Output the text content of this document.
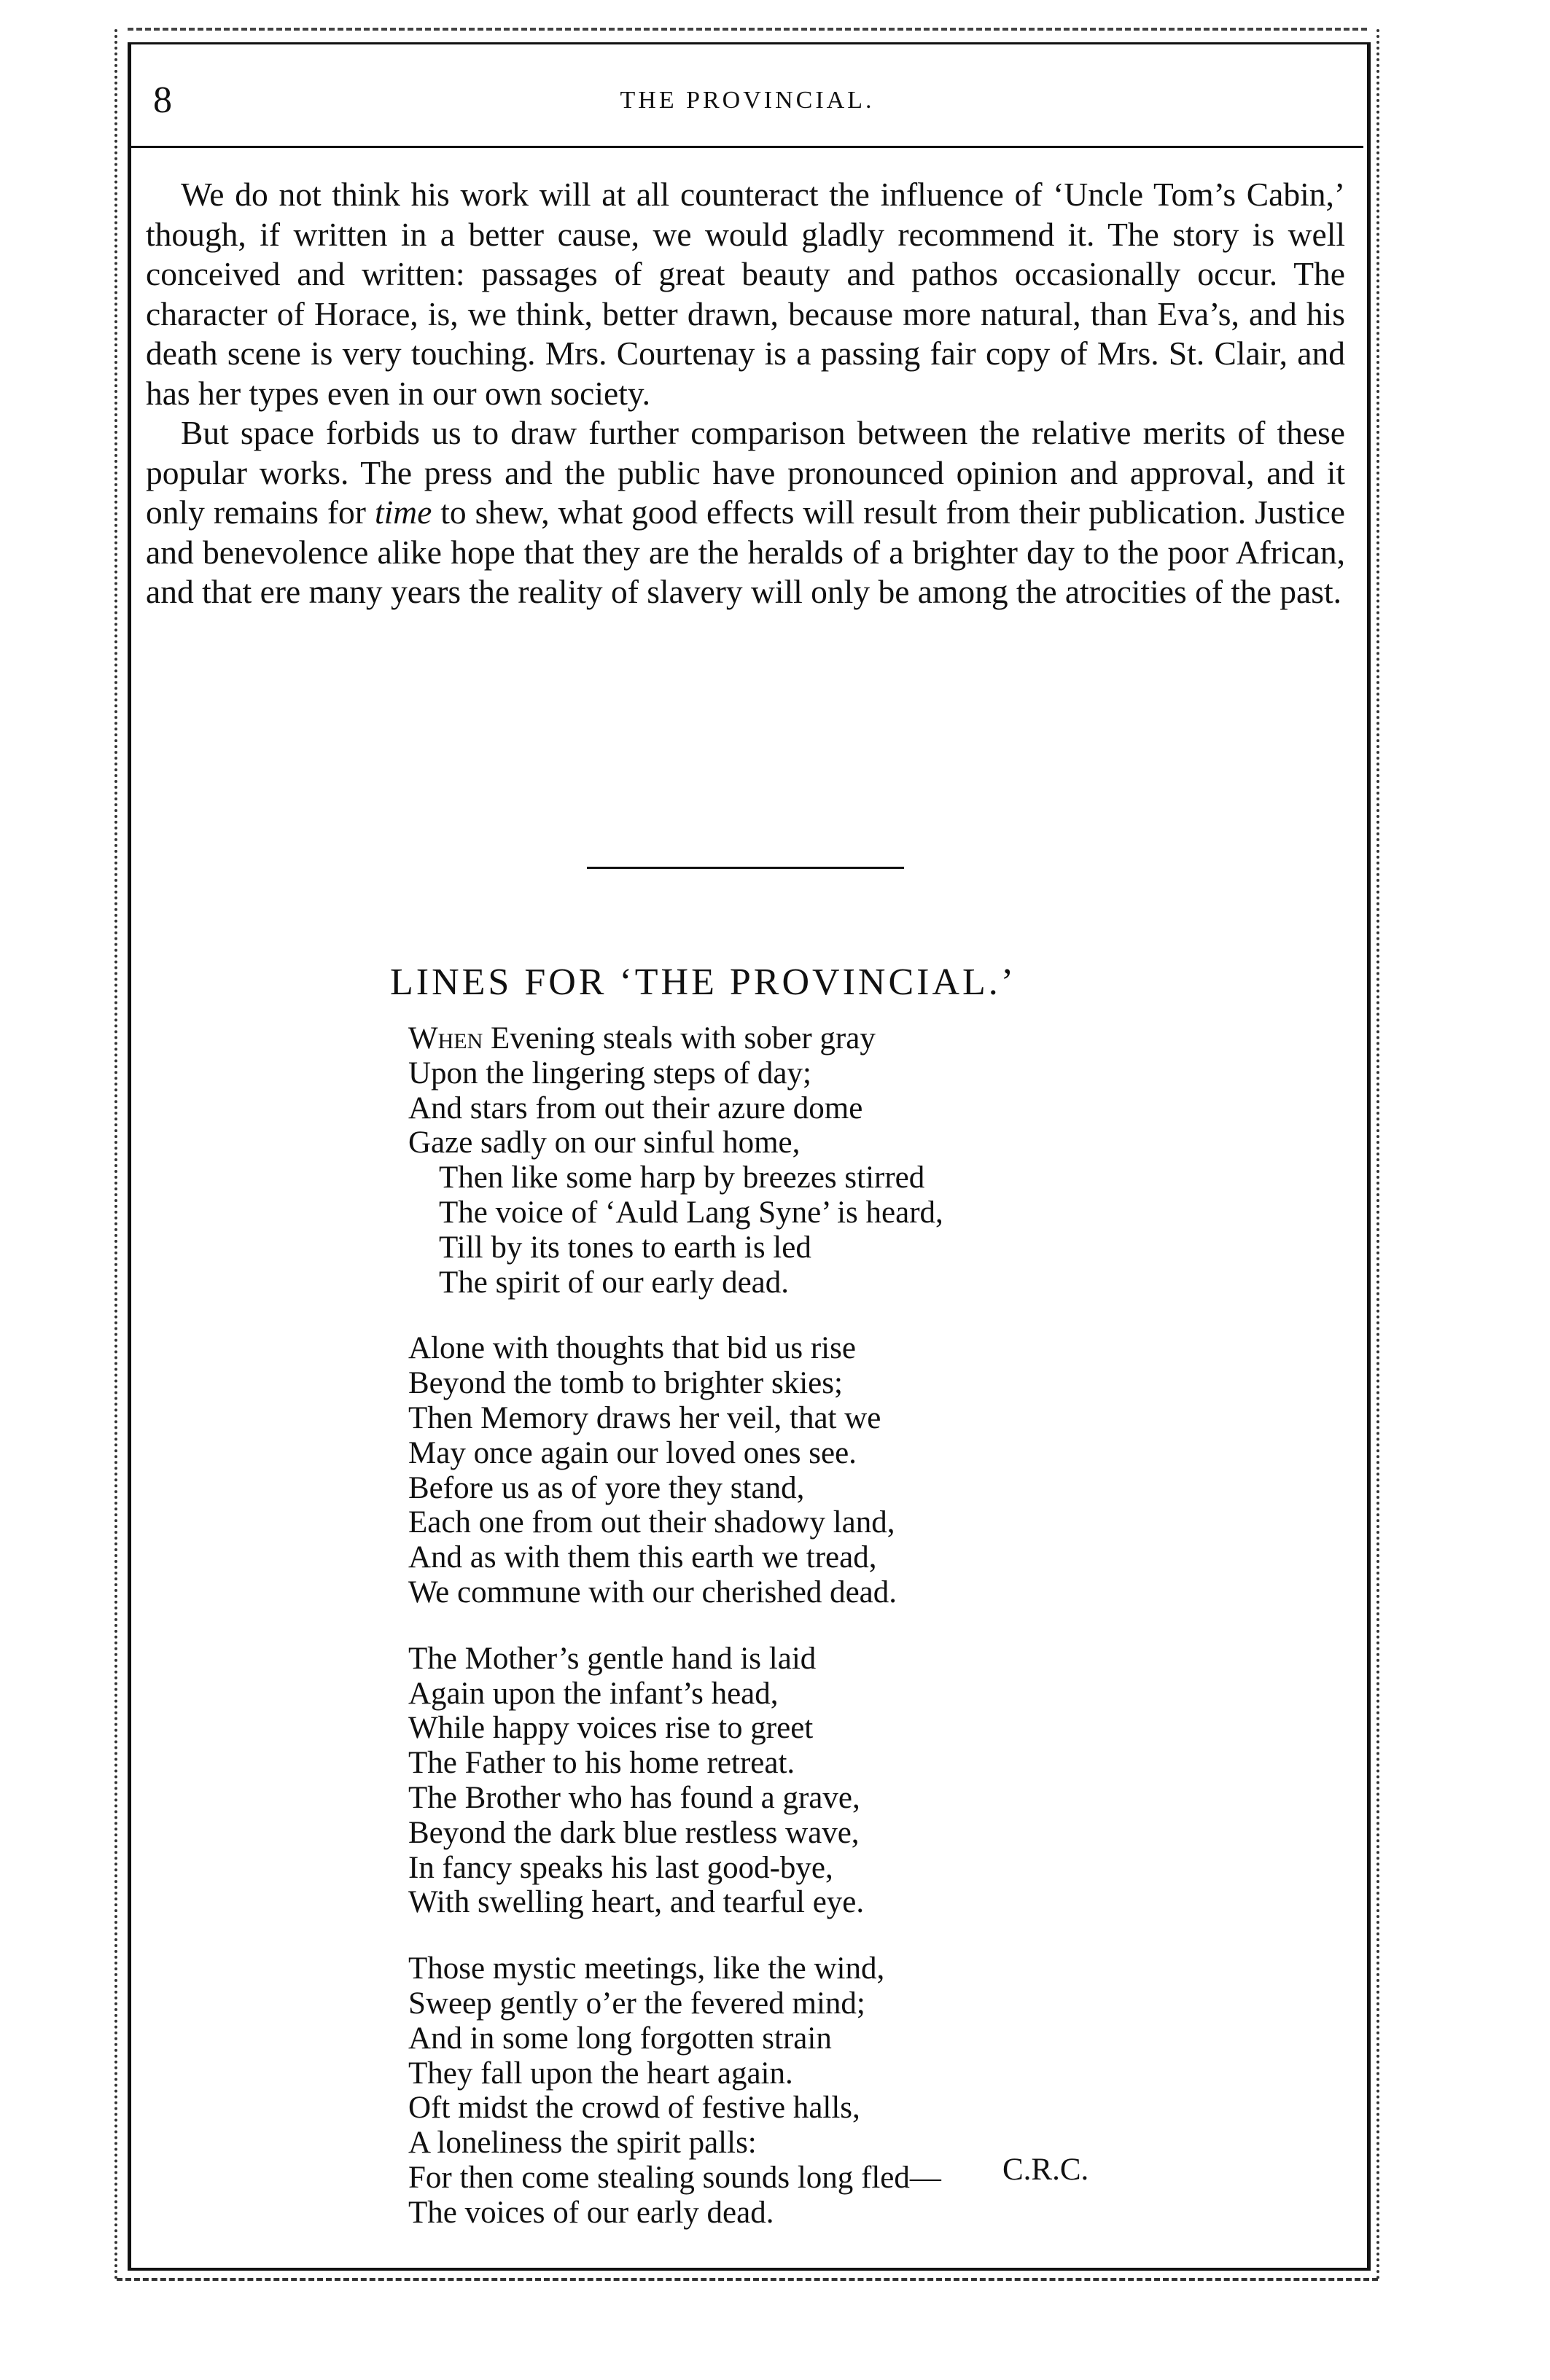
8	THE PROVINCIAL.

We do not think his work will at all counteract the influence of ‘Uncle Tom’s Cabin,’ though, if written in a better cause, we would gladly recommend it. The story is well conceived and written: passages of great beauty and pathos occasionally occur. The character of Horace, is, we think, better drawn, because more natural, than Eva’s, and his death scene is very touching. Mrs. Courtenay is a passing fair copy of Mrs. St. Clair, and has her types even in our own society.

But space forbids us to draw further comparison between the relative merits of these popular works. The press and the public have pronounced opinion and approval, and it only remains for time to shew, what good effects will result from their publication. Justice and benevolence alike hope that they are the heralds of a brighter day to the poor African, and that ere many years the reality of slavery will only be among the atrocities of the past.

LINES FOR ‘THE PROVINCIAL.’
When Evening steals with sober gray
Upon the lingering steps of day;
And stars from out their azure dome
Gaze sadly on our sinful home,
Then like some harp by breezes stirred
The voice of ‘Auld Lang Syne’ is heard,
Till by its tones to earth is led
The spirit of our early dead.
Alone with thoughts that bid us rise
Beyond the tomb to brighter skies;
Then Memory draws her veil, that we
May once again our loved ones see.
Before us as of yore they stand,
Each one from out their shadowy land,
And as with them this earth we tread,
We commune with our cherished dead.
The Mother’s gentle hand is laid
Again upon the infant’s head,
While happy voices rise to greet
The Father to his home retreat.
The Brother who has found a grave,
Beyond the dark blue restless wave,
In fancy speaks his last good-bye,
With swelling heart, and tearful eye.
Those mystic meetings, like the wind,
Sweep gently o’er the fevered mind;
And in some long forgotten strain
They fall upon the heart again.
Oft midst the crowd of festive halls,
A loneliness the spirit palls:
For then come stealing sounds long fled—
The voices of our early dead.
C.R.C.
